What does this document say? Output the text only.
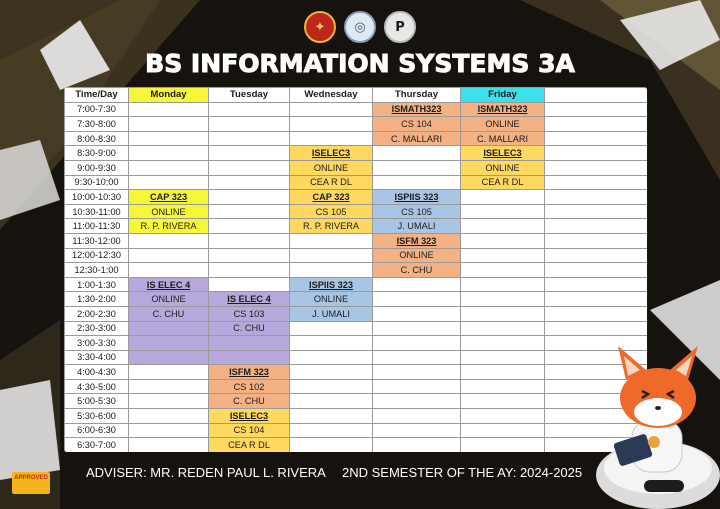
✦	◎	P
BS INFORMATION SYSTEMS 3A
Time/Day	Monday	Tuesday	Wednesday	Thursday	Friday	
7:00-7:30				ISMATH323	ISMATH323	
7:30-8:00				CS 104	ONLINE	
8:00-8:30				C. MALLARI	C. MALLARI	
8:30-9:00			ISELEC3		ISELEC3	
9:00-9:30			ONLINE		ONLINE	
9:30-10:00			CEA R DL		CEA R DL	
10:00-10:30	CAP 323		CAP 323	ISPIIS 323		
10:30-11:00	ONLINE		CS 105	CS 105		
11:00-11:30	R. P. RIVERA		R. P. RIVERA	J. UMALI		
11:30-12:00				ISFM 323		
12:00-12:30				ONLINE		
12:30-1:00				C. CHU		
1:00-1:30	IS ELEC 4		ISPIIS 323			
1:30-2:00	ONLINE	IS ELEC 4	ONLINE			
2:00-2:30	C. CHU	CS 103	J. UMALI			
2:30-3:00		C. CHU				
3:00-3:30						
3:30-4:00						
4:00-4:30		ISFM 323				
4:30-5:00		CS 102				
5:00-5:30		C. CHU				
5:30-6:00		ISELEC3				
6:00-6:30		CS 104				
6:30-7:00		CEA R DL				
ADVISER: MR. REDEN PAUL L. RIVERA 2ND SEMESTER OF THE AY: 2024-2025
APPROVED
